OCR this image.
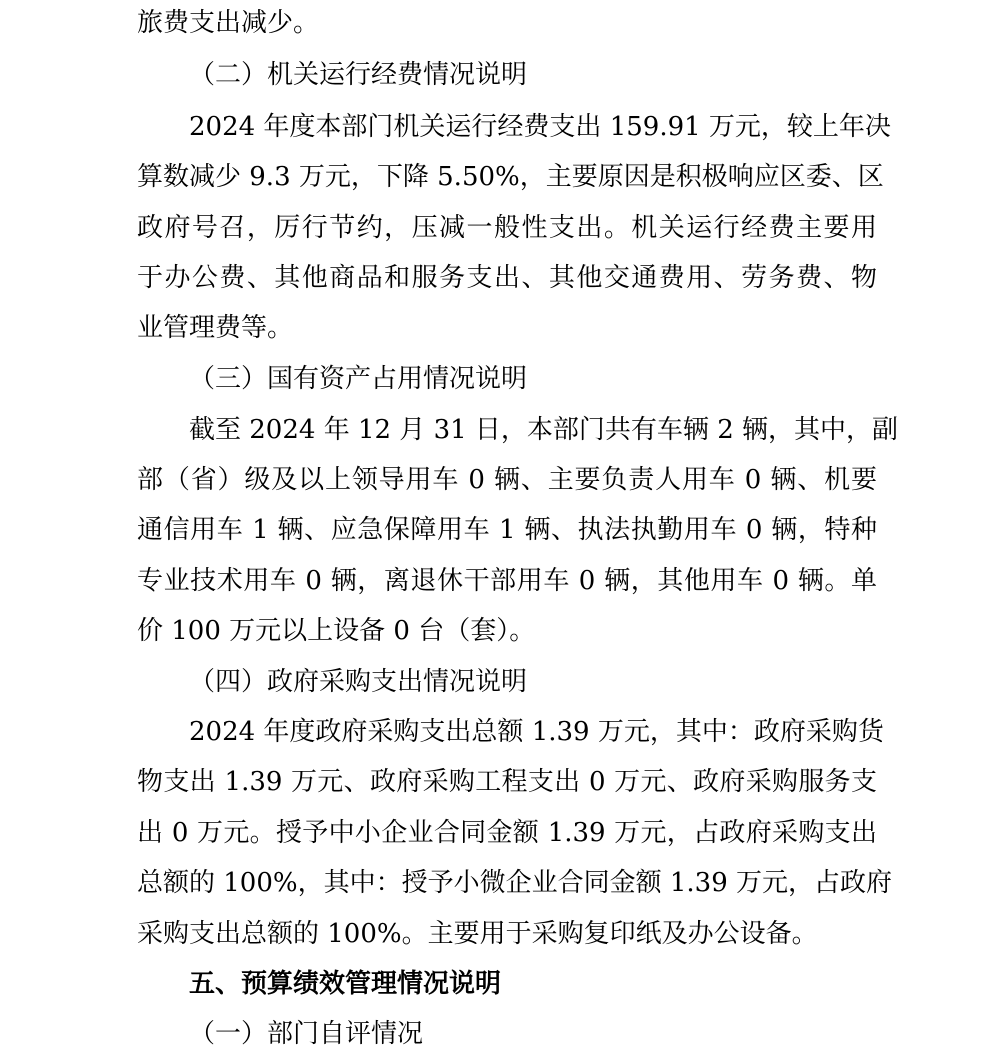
旅费支出减少。
（二）机关运行经费情况说明
2024 年度本部门机关运行经费支出 159.91 万元，较上年决
算数减少 9.3 万元，下降 5.50%，主要原因是积极响应区委、区
政府号召，厉行节约，压减一般性支出。机关运行经费主要用
于办公费、其他商品和服务支出、其他交通费用、劳务费、物
业管理费等。
（三）国有资产占用情况说明
截至 2024 年 12 月 31 日，本部门共有车辆 2 辆，其中，副
部（省）级及以上领导用车 0 辆、主要负责人用车 0 辆、机要
通信用车 1 辆、应急保障用车 1 辆、执法执勤用车 0 辆，特种
专业技术用车 0 辆，离退休干部用车 0 辆，其他用车 0 辆。单
价 100 万元以上设备 0 台（套）。
（四）政府采购支出情况说明
2024 年度政府采购支出总额 1.39 万元，其中：政府采购货
物支出 1.39 万元、政府采购工程支出 0 万元、政府采购服务支
出 0 万元。授予中小企业合同金额 1.39 万元，占政府采购支出
总额的 100%，其中：授予小微企业合同金额 1.39 万元，占政府
采购支出总额的 100%。主要用于采购复印纸及办公设备。
五、预算绩效管理情况说明
（一）部门自评情况
